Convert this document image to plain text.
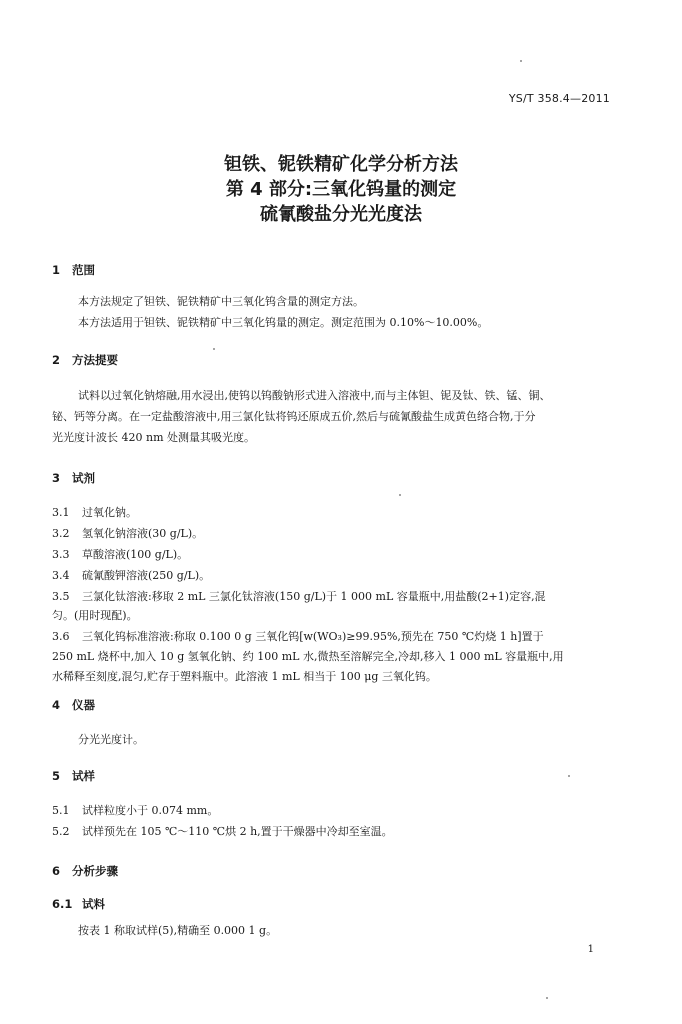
YS/T 358.4—2011
钽铁、铌铁精矿化学分析方法
第 4 部分:三氧化钨量的测定
硫氰酸盐分光光度法
1 范围
本方法规定了钽铁、铌铁精矿中三氧化钨含量的测定方法。
本方法适用于钽铁、铌铁精矿中三氧化钨量的测定。测定范围为 0.10%～10.00%。
2 方法提要
试料以过氧化钠熔融,用水浸出,使钨以钨酸钠形式进入溶液中,而与主体钽、铌及钛、铁、锰、铜、
铋、钙等分离。在一定盐酸溶液中,用三氯化钛将钨还原成五价,然后与硫氰酸盐生成黄色络合物,于分
光光度计波长 420 nm 处测量其吸光度。
3 试剂
3.1 过氧化钠。
3.2 氢氧化钠溶液(30 g/L)。
3.3 草酸溶液(100 g/L)。
3.4 硫氰酸钾溶液(250 g/L)。
3.5 三氯化钛溶液:移取 2 mL 三氯化钛溶液(150 g/L)于 1 000 mL 容量瓶中,用盐酸(2+1)定容,混
匀。(用时现配)。
3.6 三氧化钨标准溶液:称取 0.100 0 g 三氧化钨[w(WO₃)≥99.95%,预先在 750 ℃灼烧 1 h]置于
250 mL 烧杯中,加入 10 g 氢氧化钠、约 100 mL 水,微热至溶解完全,冷却,移入 1 000 mL 容量瓶中,用
水稀释至刻度,混匀,贮存于塑料瓶中。此溶液 1 mL 相当于 100 μg 三氧化钨。
4 仪器
分光光度计。
5 试样
5.1 试样粒度小于 0.074 mm。
5.2 试样预先在 105 ℃～110 ℃烘 2 h,置于干燥器中冷却至室温。
6 分析步骤
6.1 试料
按表 1 称取试样(5),精确至 0.000 1 g。
1
